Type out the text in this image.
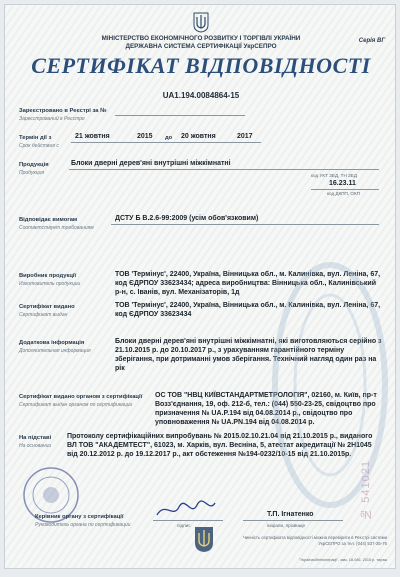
МІНІСТЕРСТВО ЕКОНОМІЧНОГО РОЗВИТКУ І ТОРГІВЛІ УКРАЇНИ
ДЕРЖАВНА СИСТЕМА СЕРТИФІКАЦІЇ УкрСЕПРО
Серія ВГ
СЕРТИФІКАТ ВІДПОВІДНОСТІ
UA1.194.0084864-15
Зареєстровано в Реєстрі за №
Зареєстрований в Реєстре
Термін дії з
Срок действия с
21 жовтня	2015 до 20 жовтня	2017
Продукція
Продукция
Блоки дверні дерев'яні внутрішні міжкімнатні
код УКТ ЗЕД, ТН ЗЕД
16.23.11
код ДКПП, ОКП
Відповідає вимогам
Соответствует требованиям
ДСТУ Б В.2.6-99:2009 (усім обов'язковим)
Виробник продукції
Изготовитель продукции
ТОВ 'Термінус', 22400, Україна, Вінницька обл., м. Калинівка, вул. Леніна, 67, код ЄДРПОУ 33623434; адреса виробництва: Вінницька обл., Калинівський р-н, с. Іванів, вул. Механізаторів, 1д
Сертифікат видано
Сертификат выдан
ТОВ 'Термінус', 22400, Україна, Вінницька обл., м. Калинівка, вул. Леніна, 67, код ЄДРПОУ 33623434
Додаткова інформація
Дополнительная информация
Блоки дверні дерев'яні внутрішні міжкімнатні, які виготовляються серійно з 21.10.2015 р. до 20.10.2017 р., з урахуванням гарантійного терміну зберігання, при дотриманні умов зберігання. Технічний нагляд один раз на рік
Сертифікат видано органом з сертифікації
Сертификат выдан органом по сертификации
ОС ТОВ "НВЦ КИЇВСТАНДАРТМЕТРОЛОГІЯ", 02160, м. Київ, пр-т Возз'єднання, 19, оф. 212-б, тел.: (044) 550-23-25, свідоцтво про призначення № UA.P.194 від 04.08.2014 р., свідоцтво про уповноваження № UA.PN.194 від 04.08.2014 р.
На підставі
На основании
Протоколу сертифікаційних випробувань № 2015.02.10.21.04 від 21.10.2015 р., виданого ВЛ ТОВ "АКАДЕМТЕСТ", 61023, м. Харків, вул. Весніна, 5, атестат акредитації № 2Н1045 від 20.12.2012 р. до 19.12.2017 р., акт обстеження №194-0232/10-15 від 21.10.2015р.
№ 541021
Керівник органу з сертифікації
Руководитель органа по сертификации	підпис
Т.П. Ігнатенко
ініціали, прізвище
Чинність сертифіката відповідності можна перевірити в Реєстрі системи УкрСЕПРО за тел. (044) 537-35-76
"Українаобліполіграф", зам. 18-046, 2015 р. тираж
